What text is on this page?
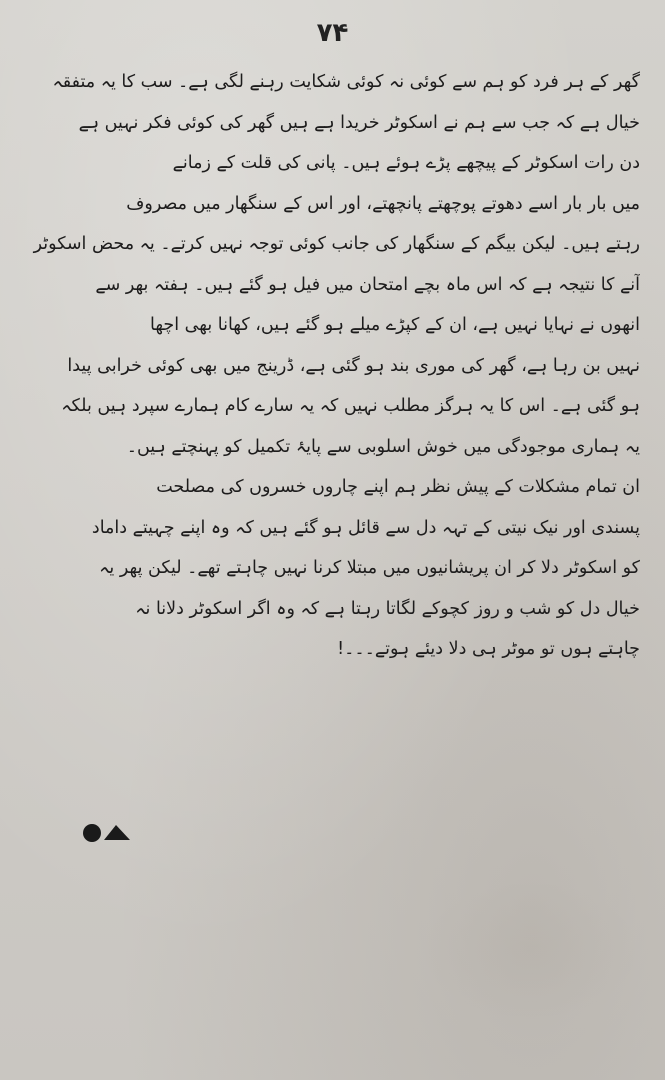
۷۴
گھر کے ہر فرد کو ہم سے کوئی نہ کوئی شکایت رہنے لگی ہے۔ سب کا یہ متفقہ
خیال ہے کہ جب سے ہم نے اسکوٹر خریدا ہے ہیں گھر کی کوئی فکر نہیں ہے
دن رات اسکوٹر کے پیچھے پڑے ہوئے ہیں۔ پانی کی قلت کے زمانے
میں بار بار اسے دھوتے پوچھتے پانچھتے، اور اس کے سنگھار میں مصروف
رہتے ہیں۔ لیکن بیگم کے سنگھار کی جانب کوئی توجہ نہیں کرتے۔ یہ محض اسکوٹر
آنے کا نتیجہ ہے کہ اس ماہ بچے امتحان میں فیل ہو گئے ہیں۔ ہفتہ بھر سے
انھوں نے نہایا نہیں ہے، ان کے کپڑے میلے ہو گئے ہیں، کھانا بھی اچھا
نہیں بن رہا ہے، گھر کی موری بند ہو گئی ہے، ڈرینج میں بھی کوئی خرابی پیدا
ہو گئی ہے۔ اس کا یہ ہرگز مطلب نہیں کہ یہ سارے کام ہمارے سپرد ہیں بلکہ
یہ ہماری موجودگی میں خوش اسلوبی سے پایۂ تکمیل کو پہنچتے ہیں۔
ان تمام مشکلات کے پیش نظر ہم اپنے چاروں خسروں کی مصلحت
پسندی اور نیک نیتی کے تہہ دل سے قائل ہو گئے ہیں کہ وہ اپنے چہیتے داماد
کو اسکوٹر دلا کر ان پریشانیوں میں مبتلا کرنا نہیں چاہتے تھے۔ لیکن پھر یہ
خیال دل کو شب و روز کچوکے لگاتا رہتا ہے کہ وہ اگر اسکوٹر دلانا نہ
چاہتے ہوں تو موٹر ہی دلا دیئے ہوتے۔۔۔!
